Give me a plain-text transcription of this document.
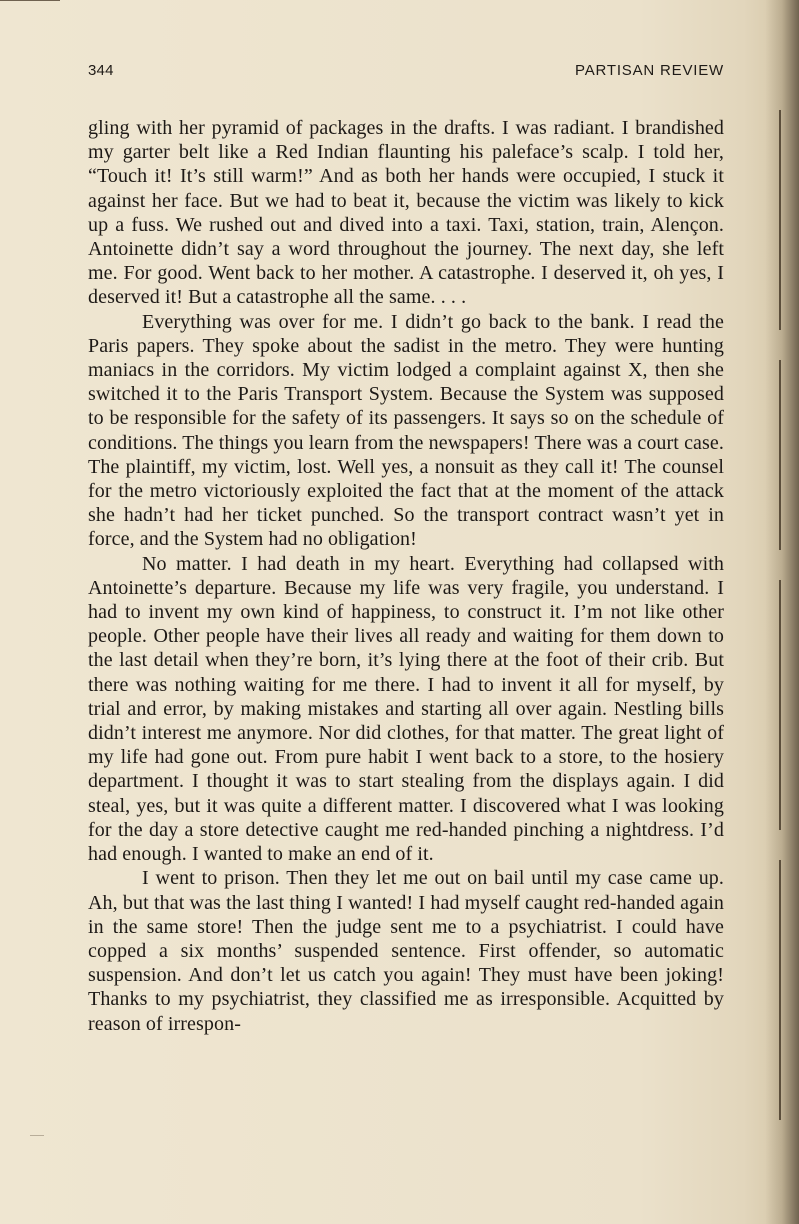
344	PARTISAN REVIEW

gling with her pyramid of packages in the drafts. I was radiant. I brandished my garter belt like a Red Indian flaunting his paleface’s scalp. I told her, “Touch it! It’s still warm!” And as both her hands were occupied, I stuck it against her face. But we had to beat it, because the victim was likely to kick up a fuss. We rushed out and dived into a taxi. Taxi, station, train, Alençon. Antoinette didn’t say a word throughout the journey. The next day, she left me. For good. Went back to her mother. A catastrophe. I deserved it, oh yes, I deserved it! But a catastrophe all the same. . . .

Everything was over for me. I didn’t go back to the bank. I read the Paris papers. They spoke about the sadist in the metro. They were hunting maniacs in the corridors. My victim lodged a complaint against X, then she switched it to the Paris Transport System. Because the System was supposed to be responsible for the safety of its passengers. It says so on the schedule of conditions. The things you learn from the newspapers! There was a court case. The plaintiff, my victim, lost. Well yes, a nonsuit as they call it! The counsel for the metro victoriously exploited the fact that at the moment of the attack she hadn’t had her ticket punched. So the transport contract wasn’t yet in force, and the System had no obligation!

No matter. I had death in my heart. Everything had collapsed with Antoinette’s departure. Because my life was very fragile, you understand. I had to invent my own kind of happiness, to construct it. I’m not like other people. Other people have their lives all ready and waiting for them down to the last detail when they’re born, it’s lying there at the foot of their crib. But there was nothing waiting for me there. I had to invent it all for myself, by trial and error, by making mistakes and starting all over again. Nestling bills didn’t interest me anymore. Nor did clothes, for that matter. The great light of my life had gone out. From pure habit I went back to a store, to the hosiery department. I thought it was to start stealing from the displays again. I did steal, yes, but it was quite a different matter. I discovered what I was looking for the day a store detective caught me red-handed pinching a nightdress. I’d had enough. I wanted to make an end of it.

I went to prison. Then they let me out on bail until my case came up. Ah, but that was the last thing I wanted! I had myself caught red-handed again in the same store! Then the judge sent me to a psychiatrist. I could have copped a six months’ suspended sentence. First offender, so automatic suspension. And don’t let us catch you again! They must have been joking! Thanks to my psychiatrist, they classified me as irresponsible. Acquitted by reason of irrespon-
